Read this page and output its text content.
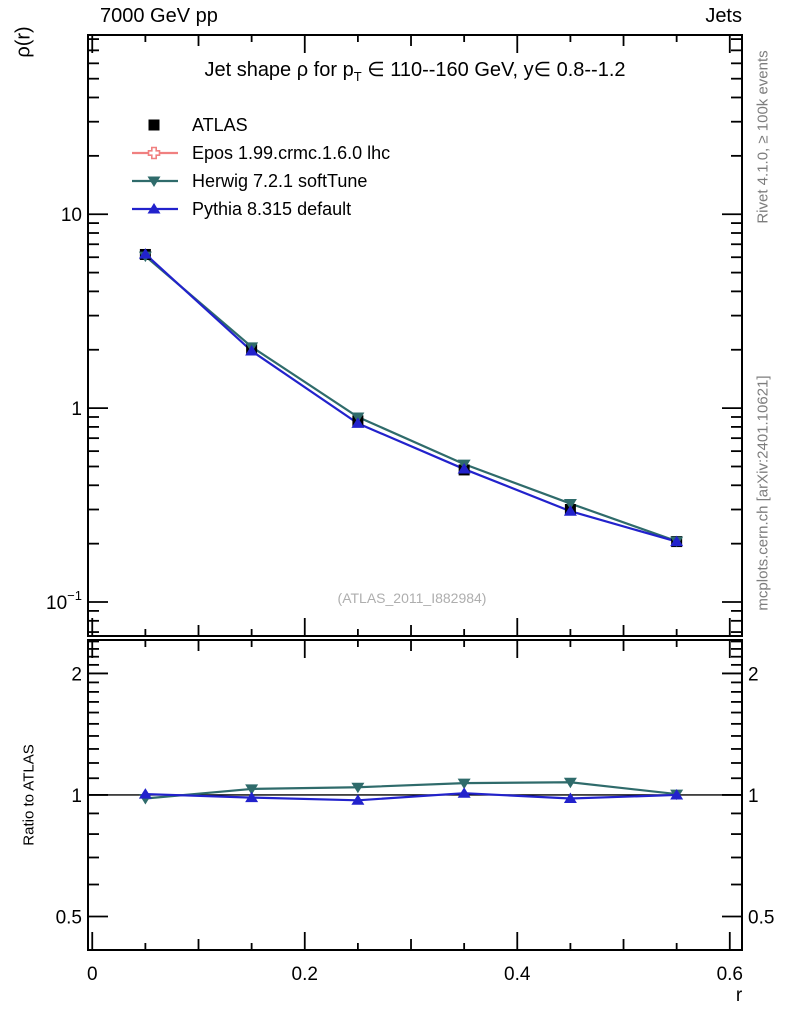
10
1
$10^{-1}$
2	2
1	1
0.5	0.5
0	0.2	0.4	0.6
7000 GeV pp	Jets
Jet shape ρ for $p_T$ ∈ 110--160 GeV, y∈ 0.8--1.2
ATLAS
Epos 1.99.crmc.1.6.0 lhc
Herwig 7.2.1 softTune
Pythia 8.315 default
ρ(r)
Ratio to ATLAS
r
(ATLAS_2011_I882984)
Rivet 4.1.0, ≥ 100k events
mcplots.cern.ch [arXiv:2401.10621]
